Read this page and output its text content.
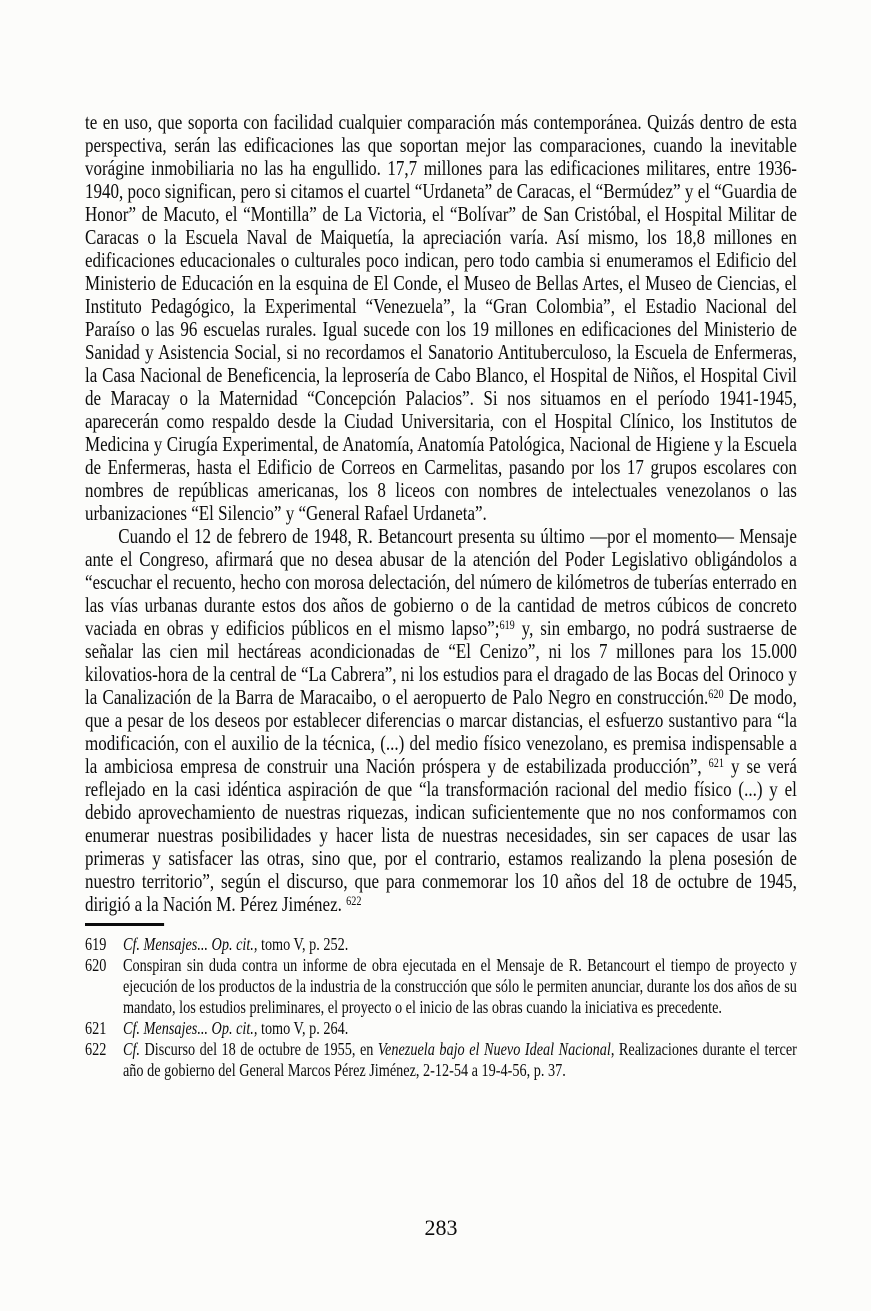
te en uso, que soporta con facilidad cualquier comparación más contemporánea. Quizás dentro de esta perspectiva, serán las edificaciones las que soportan mejor las comparaciones, cuando la inevitable vorágine inmobiliaria no las ha engullido. 17,7 millones para las edificaciones militares, entre 1936-1940, poco significan, pero si citamos el cuartel “Urdaneta” de Caracas, el “Bermúdez” y el “Guardia de Honor” de Macuto, el “Montilla” de La Victoria, el “Bolívar” de San Cristóbal, el Hospital Militar de Caracas o la Escuela Naval de Maiquetía, la apreciación varía. Así mismo, los 18,8 millones en edificaciones educacionales o culturales poco indican, pero todo cambia si enumeramos el Edificio del Ministerio de Educación en la esquina de El Conde, el Museo de Bellas Artes, el Museo de Ciencias, el Instituto Pedagógico, la Experimental “Venezuela”, la “Gran Colombia”, el Estadio Nacional del Paraíso o las 96 escuelas rurales. Igual sucede con los 19 millones en edificaciones del Ministerio de Sanidad y Asistencia Social, si no recordamos el Sanatorio Antituberculoso, la Escuela de Enfermeras, la Casa Nacional de Beneficencia, la leprosería de Cabo Blanco, el Hospital de Niños, el Hospital Civil de Maracay o la Maternidad “Concepción Palacios”. Si nos situamos en el período 1941-1945, aparecerán como respaldo desde la Ciudad Universitaria, con el Hospital Clínico, los Institutos de Medicina y Cirugía Experimental, de Anatomía, Anatomía Patológica, Nacional de Higiene y la Escuela de Enfermeras, hasta el Edificio de Correos en Carmelitas, pasando por los 17 grupos escolares con nombres de repúblicas americanas, los 8 liceos con nombres de intelectuales venezolanos o las urbanizaciones “El Silencio” y “General Rafael Urdaneta”.

Cuando el 12 de febrero de 1948, R. Betancourt presenta su último —por el momento— Mensaje ante el Congreso, afirmará que no desea abusar de la atención del Poder Legislativo obligándolos a “escuchar el recuento, hecho con morosa delectación, del número de kilómetros de tuberías enterrado en las vías urbanas durante estos dos años de gobierno o de la cantidad de metros cúbicos de concreto vaciada en obras y edificios públicos en el mismo lapso”;$^{619}$ y, sin embargo, no podrá sustraerse de señalar las cien mil hectáreas acondicionadas de “El Cenizo”, ni los 7 millones para los 15.000 kilovatios-hora de la central de “La Cabrera”, ni los estudios para el dragado de las Bocas del Orinoco y la Canalización de la Barra de Maracaibo, o el aeropuerto de Palo Negro en construcción.$^{620}$ De modo, que a pesar de los deseos por establecer diferencias o marcar distancias, el esfuerzo sustantivo para “la modificación, con el auxilio de la técnica, (...) del medio físico venezolano, es premisa indispensable a la ambiciosa empresa de construir una Nación próspera y de estabilizada producción”, $^{621}$ y se verá reflejado en la casi idéntica aspiración de que “la transformación racional del medio físico (...) y el debido aprovechamiento de nuestras riquezas, indican suficientemente que no nos conformamos con enumerar nuestras posibilidades y hacer lista de nuestras necesidades, sin ser capaces de usar las primeras y satisfacer las otras, sino que, por el contrario, estamos realizando la plena posesión de nuestro territorio”, según el discurso, que para conmemorar los 10 años del 18 de octubre de 1945, dirigió a la Nación M. Pérez Jiménez. $^{622}$

619 Cf. Mensajes... Op. cit., tomo V, p. 252.
620 Conspiran sin duda contra un informe de obra ejecutada en el Mensaje de R. Betancourt el tiempo de proyecto y ejecución de los productos de la industria de la construcción que sólo le permiten anunciar, durante los dos años de su mandato, los estudios preliminares, el proyecto o el inicio de las obras cuando la iniciativa es precedente.
621 Cf. Mensajes... Op. cit., tomo V, p. 264.
622 Cf. Discurso del 18 de octubre de 1955, en Venezuela bajo el Nuevo Ideal Nacional, Realizaciones durante el tercer año de gobierno del General Marcos Pérez Jiménez, 2-12-54 a 19-4-56, p. 37.
283
